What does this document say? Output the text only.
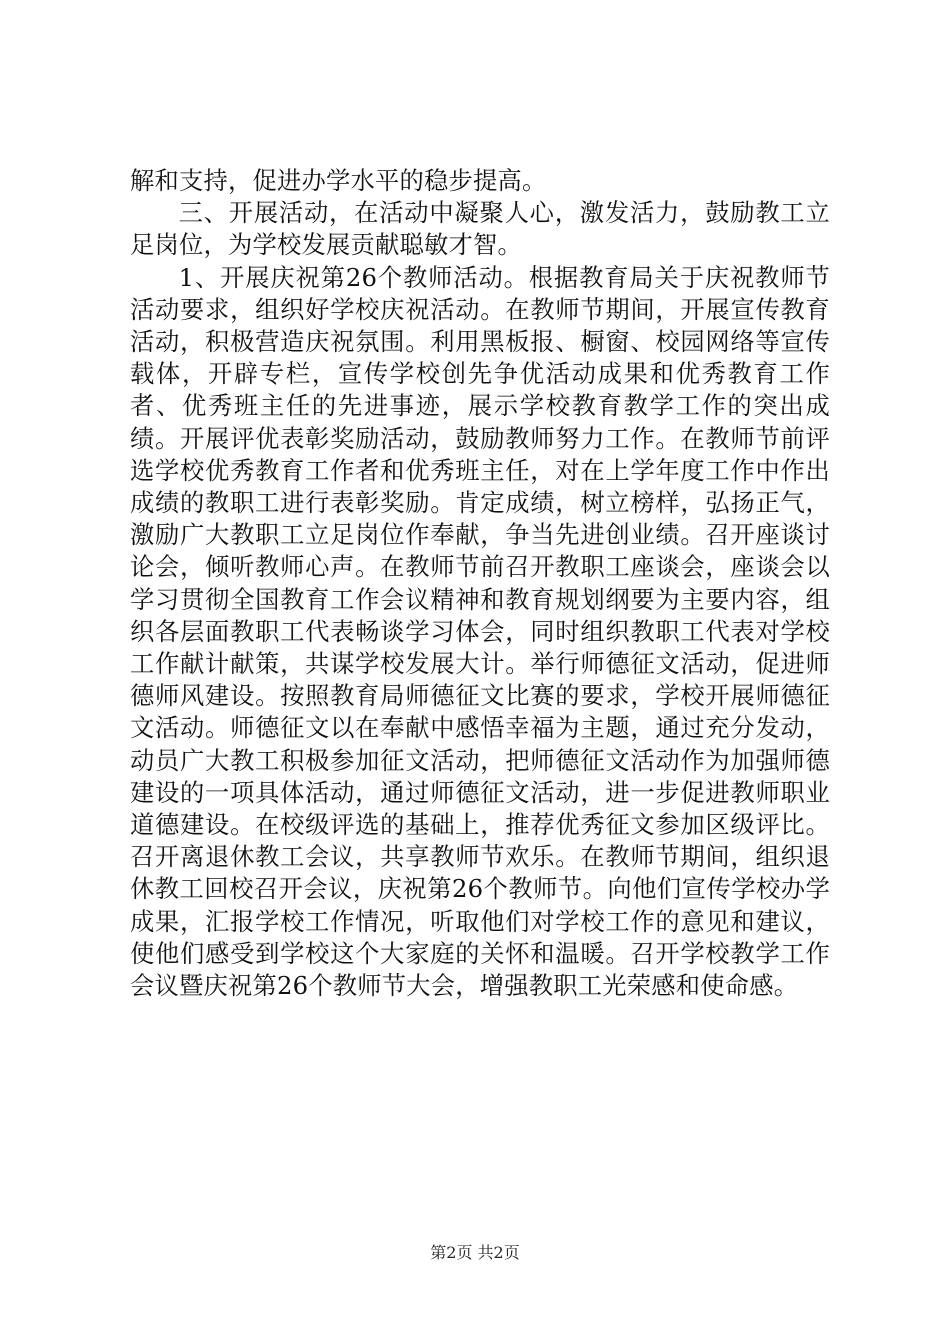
解和支持，促进办学水平的稳步提高。

三、开展活动，在活动中凝聚人心，激发活力，鼓励教工立足岗位，为学校发展贡献聪敏才智。

1、开展庆祝第26个教师活动。根据教育局关于庆祝教师节活动要求，组织好学校庆祝活动。在教师节期间，开展宣传教育活动，积极营造庆祝氛围。利用黑板报、橱窗、校园网络等宣传载体，开辟专栏，宣传学校创先争优活动成果和优秀教育工作者、优秀班主任的先进事迹，展示学校教育教学工作的突出成绩。开展评优表彰奖励活动，鼓励教师努力工作。在教师节前评选学校优秀教育工作者和优秀班主任，对在上学年度工作中作出成绩的教职工进行表彰奖励。肯定成绩，树立榜样，弘扬正气，激励广大教职工立足岗位作奉献，争当先进创业绩。召开座谈讨论会，倾听教师心声。在教师节前召开教职工座谈会，座谈会以学习贯彻全国教育工作会议精神和教育规划纲要为主要内容，组织各层面教职工代表畅谈学习体会，同时组织教职工代表对学校工作献计献策，共谋学校发展大计。举行师德征文活动，促进师德师风建设。按照教育局师德征文比赛的要求，学校开展师德征文活动。师德征文以在奉献中感悟幸福为主题，通过充分发动，动员广大教工积极参加征文活动，把师德征文活动作为加强师德建设的一项具体活动，通过师德征文活动，进一步促进教师职业道德建设。在校级评选的基础上，推荐优秀征文参加区级评比。召开离退休教工会议，共享教师节欢乐。在教师节期间，组织退休教工回校召开会议，庆祝第26个教师节。向他们宣传学校办学成果，汇报学校工作情况，听取他们对学校工作的意见和建议，使他们感受到学校这个大家庭的关怀和温暖。召开学校教学工作会议暨庆祝第26个教师节大会，增强教职工光荣感和使命感。

第2页 共2页
